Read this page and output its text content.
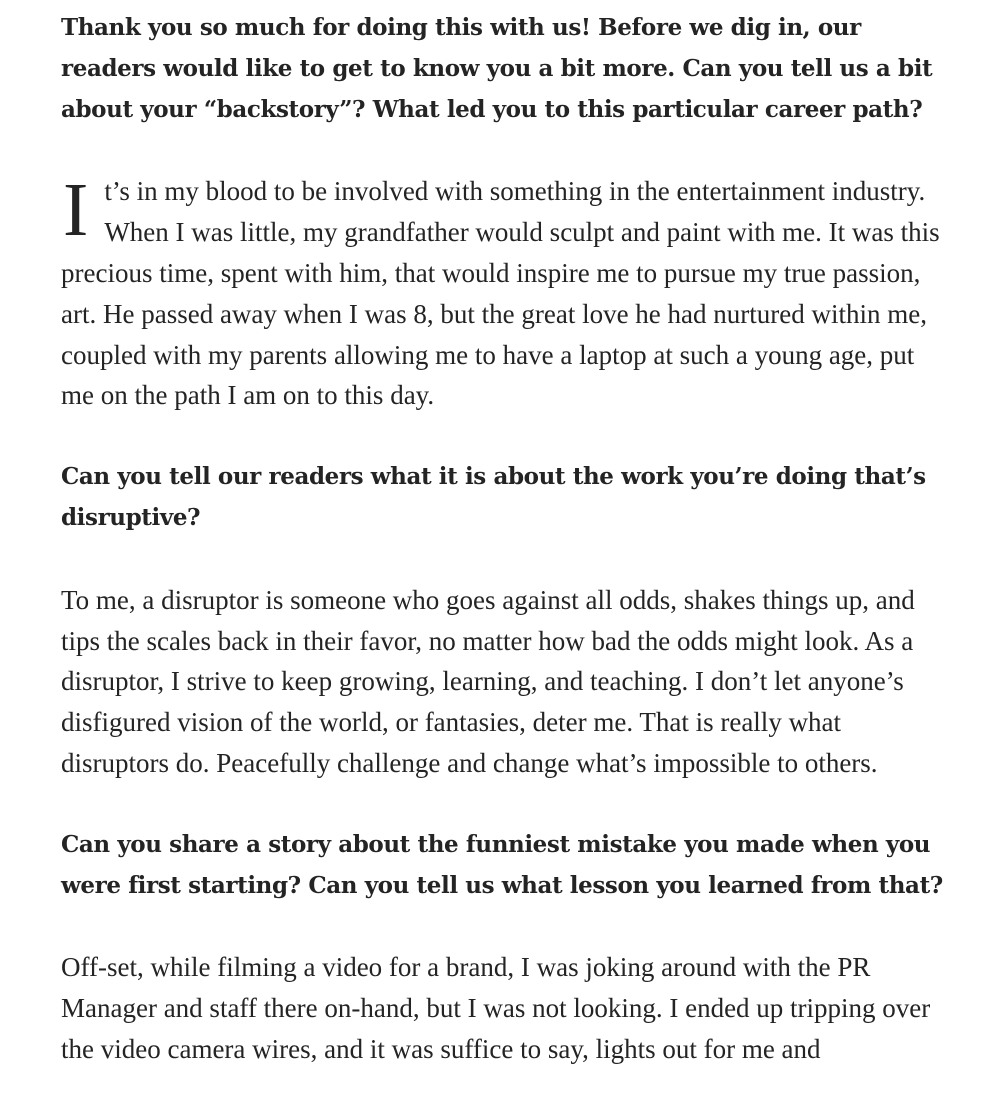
Thank you so much for doing this with us! Before we dig in, our readers would like to get to know you a bit more. Can you tell us a bit about your “backstory”? What led you to this particular career path?

It’s in my blood to be involved with something in the entertainment industry. When I was little, my grandfather would sculpt and paint with me. It was this precious time, spent with him, that would inspire me to pursue my true passion, art. He passed away when I was 8, but the great love he had nurtured within me, coupled with my parents allowing me to have a laptop at such a young age, put me on the path I am on to this day.

Can you tell our readers what it is about the work you’re doing that’s disruptive?

To me, a disruptor is someone who goes against all odds, shakes things up, and tips the scales back in their favor, no matter how bad the odds might look. As a disruptor, I strive to keep growing, learning, and teaching. I don’t let anyone’s disfigured vision of the world, or fantasies, deter me. That is really what disruptors do. Peacefully challenge and change what’s impossible to others.

Can you share a story about the funniest mistake you made when you were first starting? Can you tell us what lesson you learned from that?

Off-set, while filming a video for a brand, I was joking around with the PR Manager and staff there on-hand, but I was not looking. I ended up tripping over the video camera wires, and it was suffice to say, lights out for me and
